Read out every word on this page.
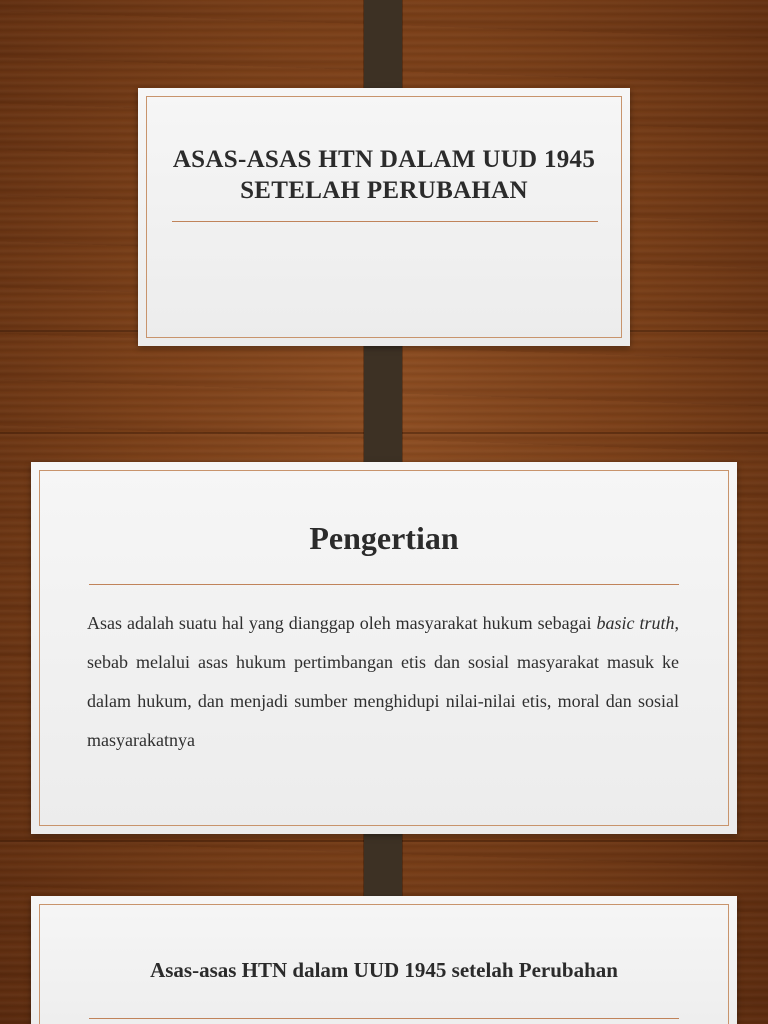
ASAS-ASAS HTN DALAM UUD 1945 SETELAH PERUBAHAN
Pengertian
Asas adalah suatu hal yang dianggap oleh masyarakat hukum sebagai basic truth, sebab melalui asas hukum pertimbangan etis dan sosial masyarakat masuk ke dalam hukum, dan menjadi sumber menghidupi nilai-nilai etis, moral dan sosial masyarakatnya
Asas-asas HTN dalam UUD 1945 setelah Perubahan
